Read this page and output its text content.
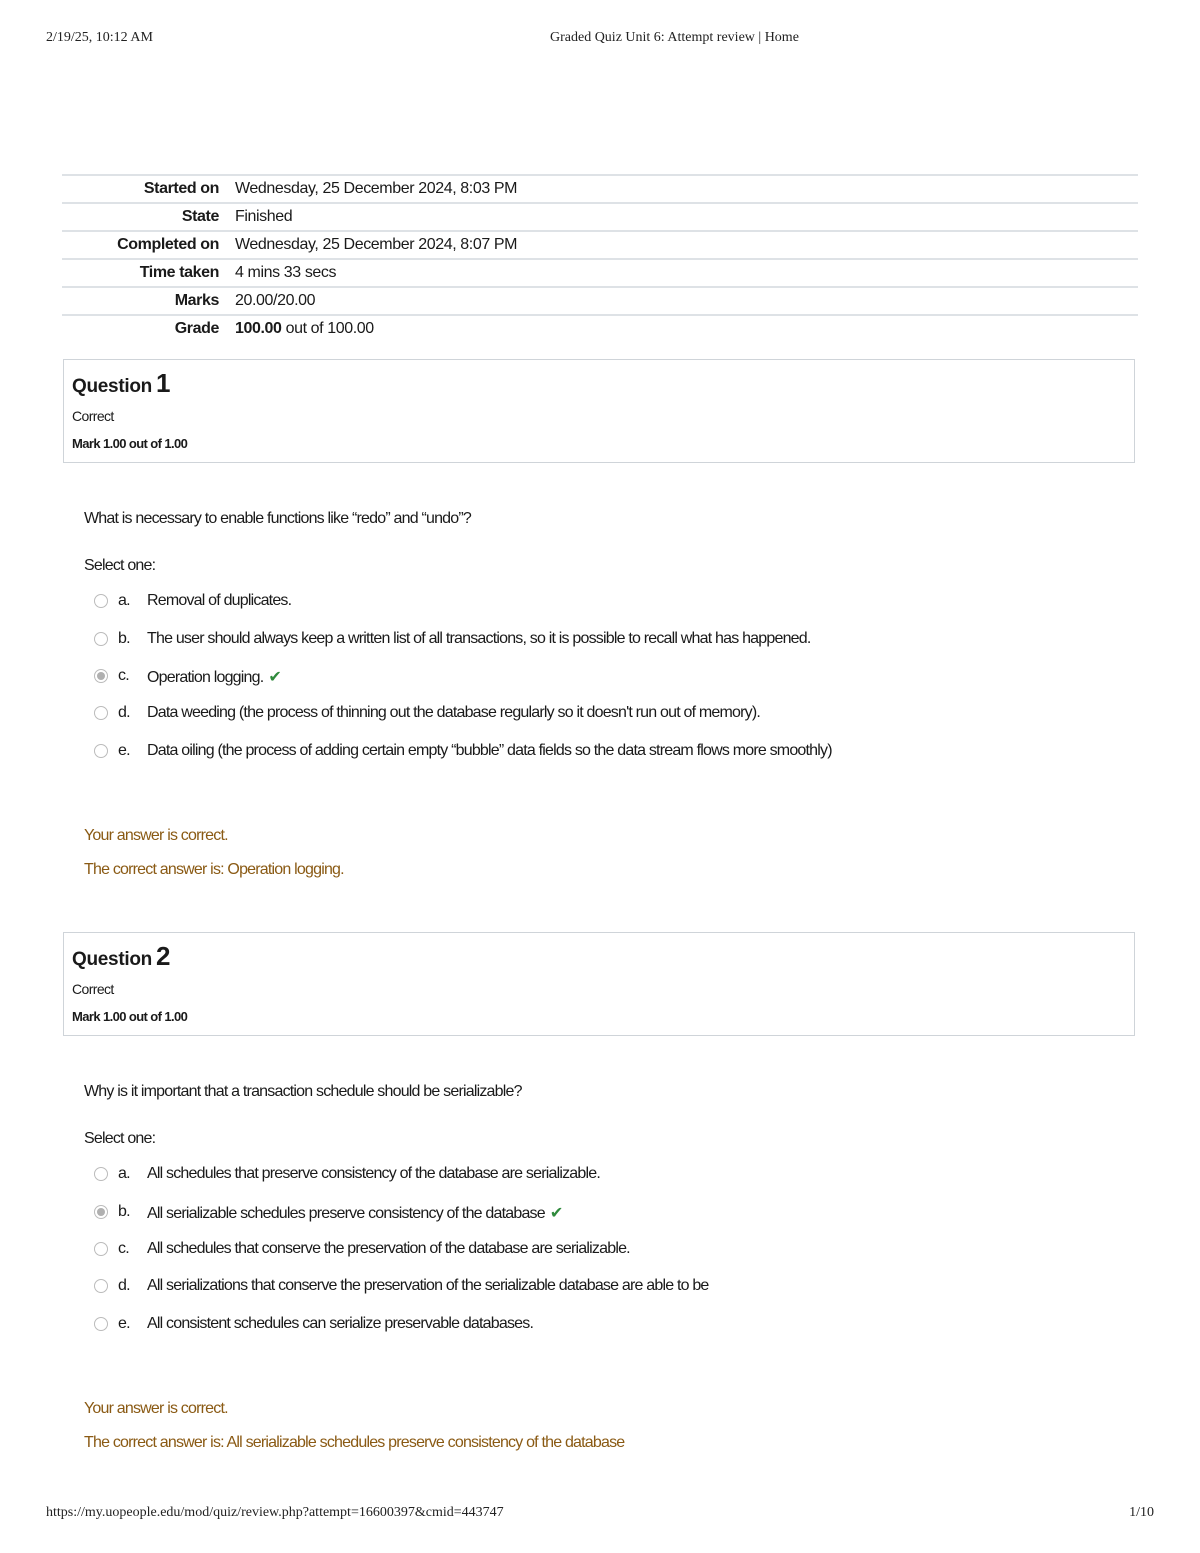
2/19/25, 10:12 AM	Graded Quiz Unit 6: Attempt review | Home
Started on	Wednesday, 25 December 2024, 8:03 PM
State	Finished
Completed on	Wednesday, 25 December 2024, 8:07 PM
Time taken	4 mins 33 secs
Marks	20.00/20.00
Grade	100.00 out of 100.00
Question 1
Correct
Mark 1.00 out of 1.00
What is necessary to enable functions like “redo” and “undo”?
Select one:
a. Removal of duplicates.
b. The user should always keep a written list of all transactions, so it is possible to recall what has happened.
c. Operation logging. ✔
d. Data weeding (the process of thinning out the database regularly so it doesn't run out of memory).
e. Data oiling (the process of adding certain empty “bubble” data fields so the data stream flows more smoothly)
Your answer is correct.
The correct answer is: Operation logging.
Question 2
Correct
Mark 1.00 out of 1.00
Why is it important that a transaction schedule should be serializable?
Select one:
a. All schedules that preserve consistency of the database are serializable.
b. All serializable schedules preserve consistency of the database ✔
c. All schedules that conserve the preservation of the database are serializable.
d. All serializations that conserve the preservation of the serializable database are able to be
e. All consistent schedules can serialize preservable databases.
Your answer is correct.
The correct answer is: All serializable schedules preserve consistency of the database
https://my.uopeople.edu/mod/quiz/review.php?attempt=16600397&cmid=443747	1/10
